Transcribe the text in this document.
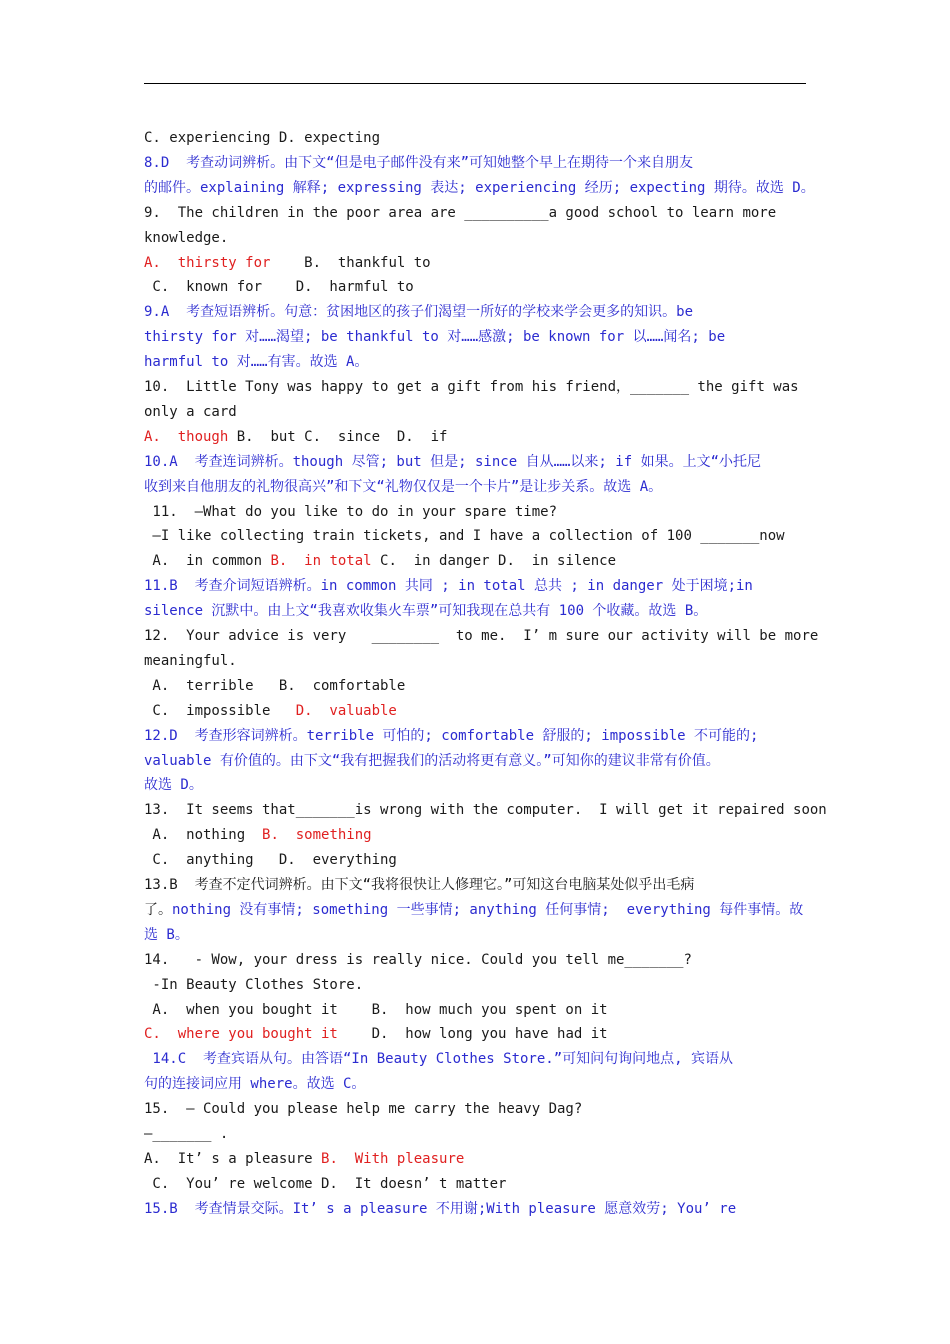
C. experiencing D. expecting
8.D  考查动词辨析。由下文“但是电子邮件没有来”可知她整个早上在期待一个来自朋友
的邮件。explaining 解释; expressing 表达; experiencing 经历; expecting 期待。故选 D。
9.  The children in the poor area are __________a good school to learn more
knowledge.
A.  thirsty for    B.  thankful to
C.  known for    D.  harmful to
9.A  考查短语辨析。句意：贫困地区的孩子们渴望一所好的学校来学会更多的知识。be
thirsty for 对……渴望; be thankful to 对……感激; be known for 以……闻名; be
harmful to 对……有害。故选 A。
10.  Little Tony was happy to get a gift from his friend，_______ the gift was
only a card
A.  though B.  but C.  since  D.  if
10.A  考查连词辨析。though 尽管; but 但是; since 自从……以来; if 如果。上文“小托尼
收到来自他朋友的礼物很高兴”和下文“礼物仅仅是一个卡片”是让步关系。故选 A。
11.  —What do you like to do in your spare time?
—I like collecting train tickets, and I have a collection of 100 _______now
A.  in common B.  in total C.  in danger D.  in silence
11.B  考查介词短语辨析。in common 共同 ; in total 总共 ; in danger 处于困境;in
silence 沉默中。由上文“我喜欢收集火车票”可知我现在总共有 100 个收藏。故选 B。
12.  Your advice is very   ________  to me.  I’ m sure our activity will be more
meaningful.
A.  terrible   B.  comfortable
C.  impossible   D.  valuable
12.D  考查形容词辨析。terrible 可怕的; comfortable 舒服的; impossible 不可能的;
valuable 有价值的。由下文“我有把握我们的活动将更有意义。”可知你的建议非常有价值。
故选 D。
13.  It seems that_______is wrong with the computer.  I will get it repaired soon
A.  nothing  B.  something
C.  anything   D.  everything
13.B  考查不定代词辨析。由下文“我将很快让人修理它。”可知这台电脑某处似乎出毛病
了。nothing 没有事情; something 一些事情; anything 任何事情;  everything 每件事情。故
选 B。
14.   - Wow, your dress is really nice. Could you tell me_______?
-In Beauty Clothes Store.
A.  when you bought it    B.  how much you spent on it
C.  where you bought it    D.  how long you have had it
14.C  考查宾语从句。由答语“In Beauty Clothes Store.”可知问句询问地点, 宾语从
句的连接词应用 where。故选 C。
15.  — Could you please help me carry the heavy Dag?
—_______ .
A.  It’ s a pleasure B.  With pleasure
C.  You’ re welcome D.  It doesn’ t matter
15.B  考查情景交际。It’ s a pleasure 不用谢;With pleasure 愿意效劳; You’ re
